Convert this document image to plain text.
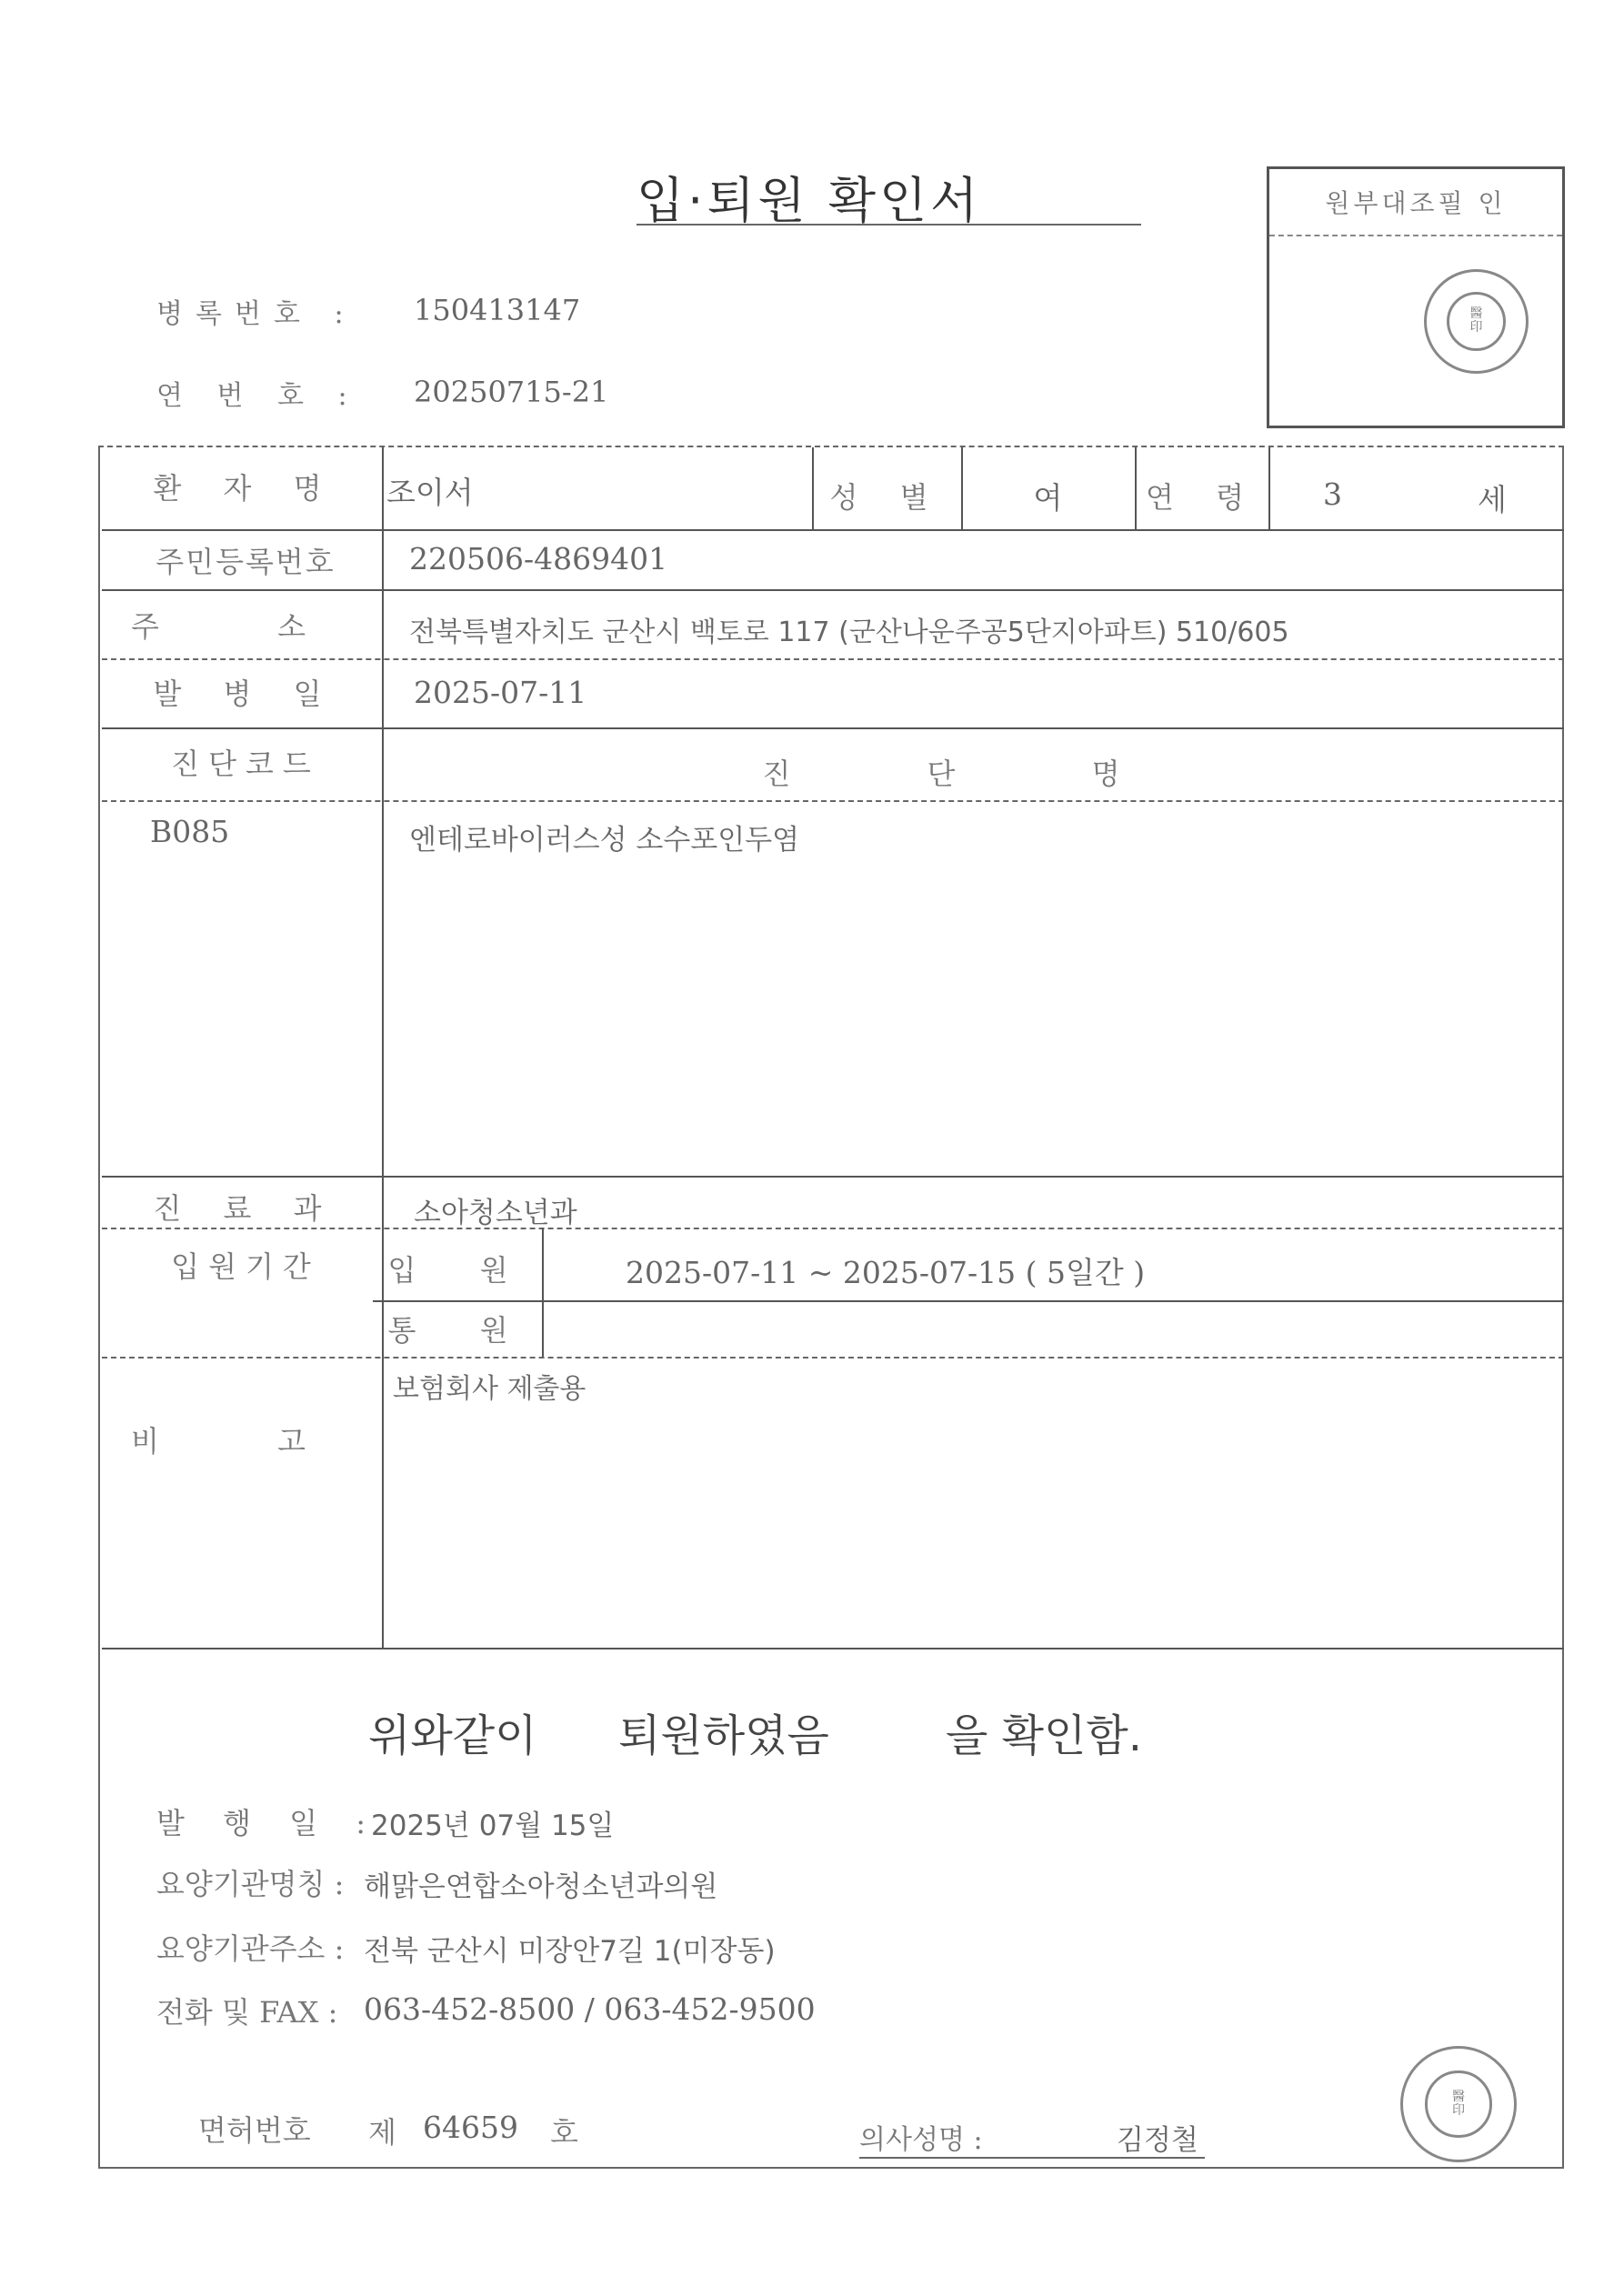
입·퇴원 확인서
병록번호 : 150413147
연 번 호 : 20250715-21
원부대조필 인
醫
印
환 자 명	조이서	성 별	여	연 령 3	세
주민등록번호	220506-4869401
주 소	전북특별자치도 군산시 백토로 117 (군산나운주공5단지아파트) 510/605
발 병 일	2025-07-11
진단코드	진 단 명
B085	엔테로바이러스성 소수포인두염
진 료 과	소아청소년과
입원기간	입 원	2025-07-11 ~ 2025-07-15 ( 5일간 )
통 원
비 고
보험회사 제출용
위와같이 퇴원하였음	을 확인함.
발 행 일 :
2025년 07월 15일
요양기관명칭 : 해맑은연합소아청소년과의원
요양기관주소 : 전북 군산시 미장안7길 1(미장동)
전화 및 FAX : 063-452-8500 / 063-452-9500
면허번호 제 64659 호	의사성명 :	김정철
醫
印
